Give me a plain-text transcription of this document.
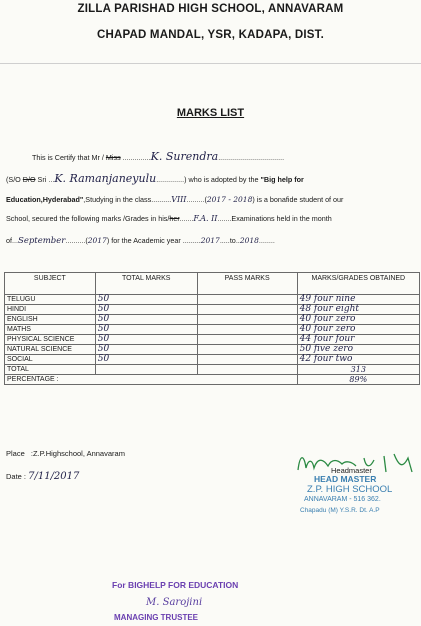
ZILLA PARISHAD HIGH SCHOOL, ANNAVARAM
CHAPAD MANDAL, YSR, KADAPA, DIST.
MARKS LIST
This is Certify that Mr / Miss ..............K. Surendra.................................
(S/O D/O Sri ...K. Ramanjaneyulu..............) who is adopted by the "Big help for
Education,Hyderabad",Studying in the class..........VIII.........(2017 - 2018) is a bonafide student of our
School, secured the following marks /Grades in his/her.......F.A. II.......Examinations held in the month
of...September..........(2017) for the Academic year .........2017.....to..2018........
SUBJECT	TOTAL MARKS	PASS MARKS	MARKS/GRADES OBTAINED
TELUGU	50		49 four nine
HINDI	50		48 four eight
ENGLISH	50		40 four zero
MATHS	50		40 four zero
PHYSICAL SCIENCE	50		44 four four
NATURAL SCIENCE	50		50 five zero
SOCIAL	50		42 four two
TOTAL			313
PERCENTAGE :			89%
Place :Z.P.Highschool, Annavaram
Date : 7/11/2017
Headmaster
HEAD MASTER
Z.P. HIGH SCHOOL
ANNAVARAM - 516 362.
Chapadu (M) Y.S.R. Dt. A.P
For BIGHELP FOR EDUCATION
M. Sarojini
MANAGING TRUSTEE
